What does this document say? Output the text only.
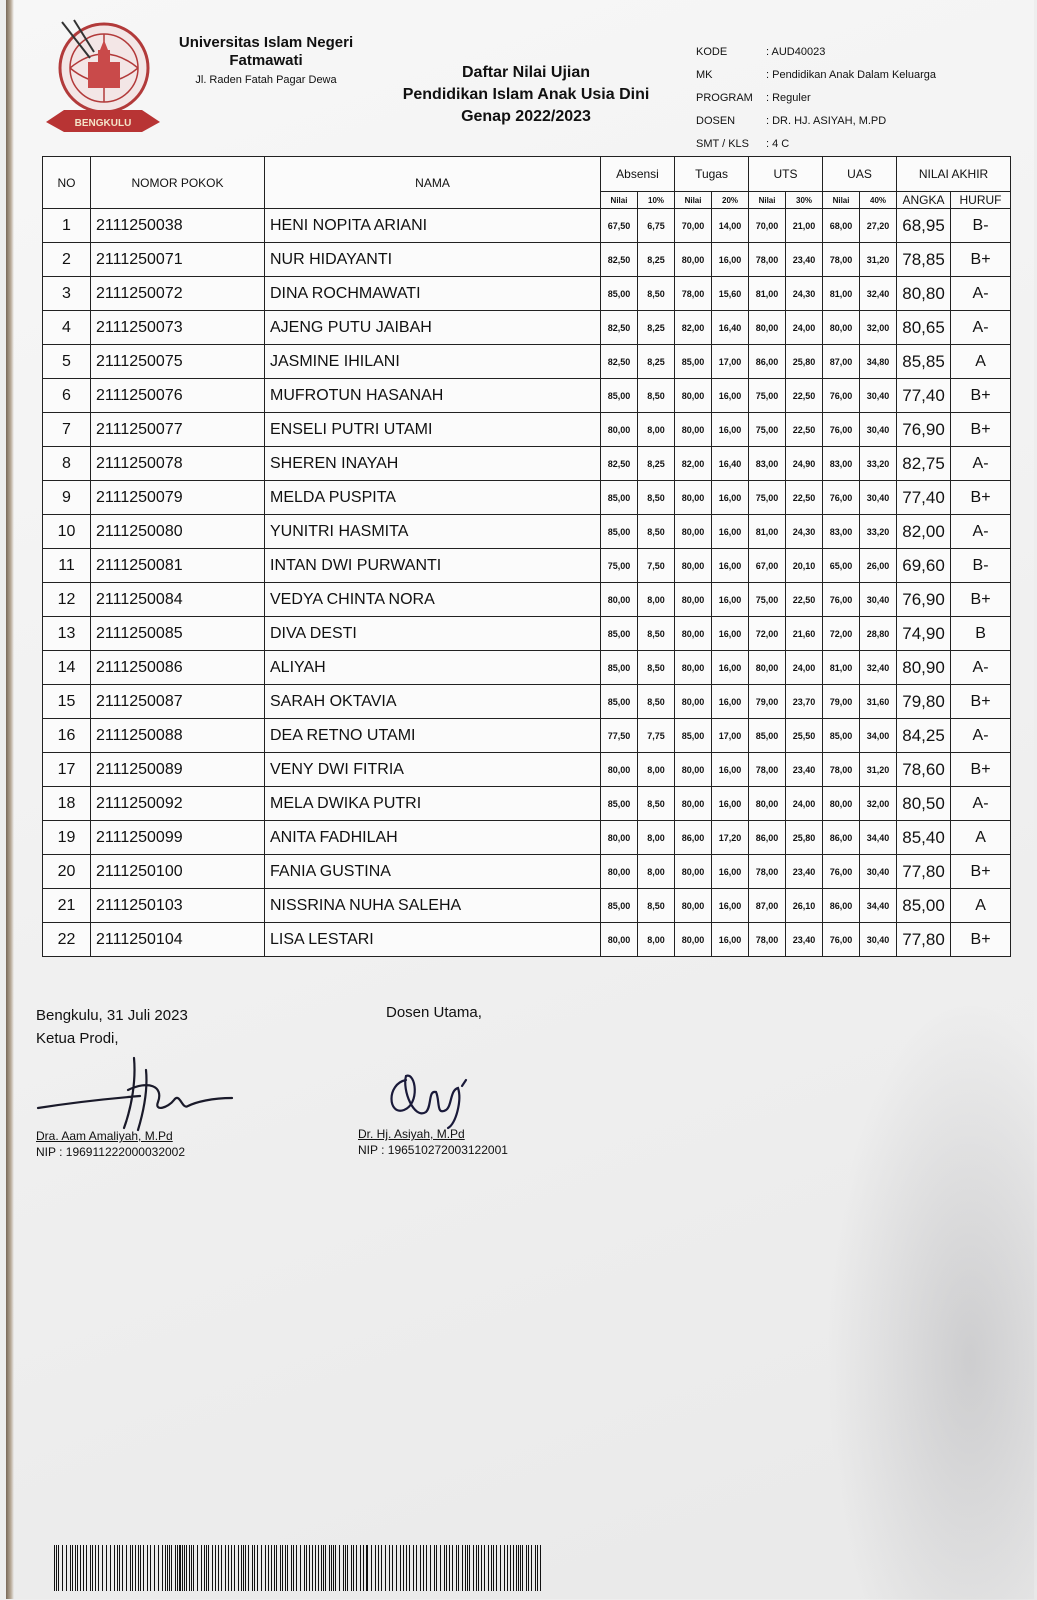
BENGKULU
Universitas Islam Negeri
Fatmawati
Jl. Raden Fatah Pagar Dewa	Daftar Nilai Ujian
Pendidikan Islam Anak Usia Dini
Genap 2022/2023
KODE	: AUD40023
MK	: Pendidikan Anak Dalam Keluarga
PROGRAM	: Reguler
DOSEN	: DR. HJ. ASIYAH, M.PD
SMT / KLS	: 4 C
NO	NOMOR POKOK	NAMA	Absensi		Tugas		UTS		UAS		NILAI AKHIR	
			Nilai	10%	Nilai	20%	Nilai	30%	Nilai	40%	ANGKA	HURUF
1	2111250038	HENI NOPITA ARIANI	67,50	6,75	70,00	14,00	70,00	21,00	68,00	27,20	68,95	B-
2	2111250071	NUR HIDAYANTI	82,50	8,25	80,00	16,00	78,00	23,40	78,00	31,20	78,85	B+
3	2111250072	DINA ROCHMAWATI	85,00	8,50	78,00	15,60	81,00	24,30	81,00	32,40	80,80	A-
4	2111250073	AJENG PUTU JAIBAH	82,50	8,25	82,00	16,40	80,00	24,00	80,00	32,00	80,65	A-
5	2111250075	JASMINE IHILANI	82,50	8,25	85,00	17,00	86,00	25,80	87,00	34,80	85,85	A
6	2111250076	MUFROTUN HASANAH	85,00	8,50	80,00	16,00	75,00	22,50	76,00	30,40	77,40	B+
7	2111250077	ENSELI PUTRI UTAMI	80,00	8,00	80,00	16,00	75,00	22,50	76,00	30,40	76,90	B+
8	2111250078	SHEREN INAYAH	82,50	8,25	82,00	16,40	83,00	24,90	83,00	33,20	82,75	A-
9	2111250079	MELDA PUSPITA	85,00	8,50	80,00	16,00	75,00	22,50	76,00	30,40	77,40	B+
10	2111250080	YUNITRI HASMITA	85,00	8,50	80,00	16,00	81,00	24,30	83,00	33,20	82,00	A-
11	2111250081	INTAN DWI PURWANTI	75,00	7,50	80,00	16,00	67,00	20,10	65,00	26,00	69,60	B-
12	2111250084	VEDYA CHINTA NORA	80,00	8,00	80,00	16,00	75,00	22,50	76,00	30,40	76,90	B+
13	2111250085	DIVA DESTI	85,00	8,50	80,00	16,00	72,00	21,60	72,00	28,80	74,90	B
14	2111250086	ALIYAH	85,00	8,50	80,00	16,00	80,00	24,00	81,00	32,40	80,90	A-
15	2111250087	SARAH OKTAVIA	85,00	8,50	80,00	16,00	79,00	23,70	79,00	31,60	79,80	B+
16	2111250088	DEA RETNO UTAMI	77,50	7,75	85,00	17,00	85,00	25,50	85,00	34,00	84,25	A-
17	2111250089	VENY DWI FITRIA	80,00	8,00	80,00	16,00	78,00	23,40	78,00	31,20	78,60	B+
18	2111250092	MELA DWIKA PUTRI	85,00	8,50	80,00	16,00	80,00	24,00	80,00	32,00	80,50	A-
19	2111250099	ANITA FADHILAH	80,00	8,00	86,00	17,20	86,00	25,80	86,00	34,40	85,40	A
20	2111250100	FANIA GUSTINA	80,00	8,00	80,00	16,00	78,00	23,40	76,00	30,40	77,80	B+
21	2111250103	NISSRINA NUHA SALEHA	85,00	8,50	80,00	16,00	87,00	26,10	86,00	34,40	85,00	A
22	2111250104	LISA LESTARI	80,00	8,00	80,00	16,00	78,00	23,40	76,00	30,40	77,80	B+
Bengkulu, 31 Juli 2023
Ketua Prodi,
Dosen Utama,
Dra. Aam Amaliyah, M.Pd
NIP : 196911222000032002
Dr. Hj. Asiyah, M.Pd
NIP : 196510272003122001
